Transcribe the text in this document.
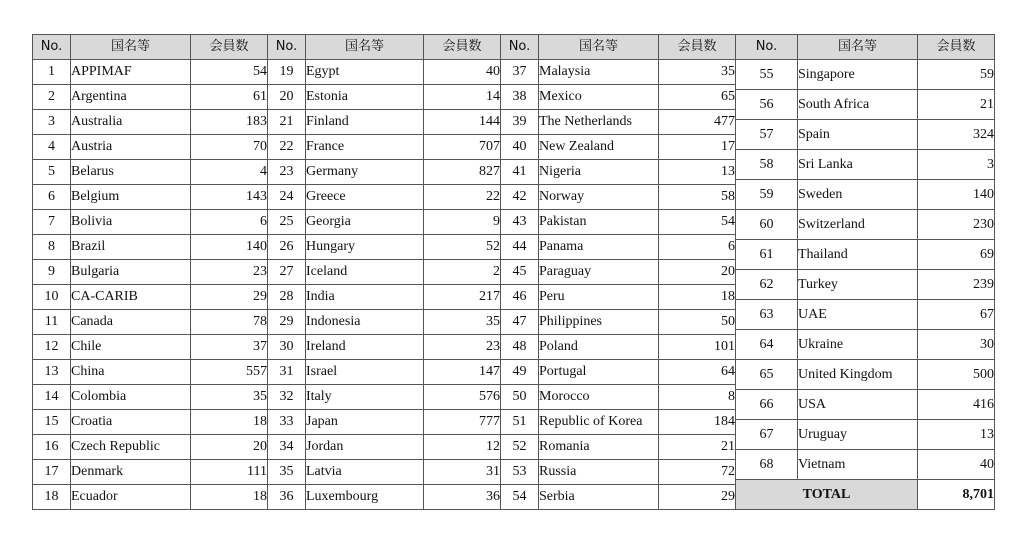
No.	国名等	会員数
1	APPIMAF	54
2	Argentina	61
3	Australia	183
4	Austria	70
5	Belarus	4
6	Belgium	143
7	Bolivia	6
8	Brazil	140
9	Bulgaria	23
10	CA-CARIB	29
11	Canada	78
12	Chile	37
13	China	557
14	Colombia	35
15	Croatia	18
16	Czech Republic	20
17	Denmark	111
18	Ecuador	18
No.	国名等	会員数
19	Egypt	40
20	Estonia	14
21	Finland	144
22	France	707
23	Germany	827
24	Greece	22
25	Georgia	9
26	Hungary	52
27	Iceland	2
28	India	217
29	Indonesia	35
30	Ireland	23
31	Israel	147
32	Italy	576
33	Japan	777
34	Jordan	12
35	Latvia	31
36	Luxembourg	36
No.	国名等	会員数
37	Malaysia	35
38	Mexico	65
39	The Netherlands	477
40	New Zealand	17
41	Nigeria	13
42	Norway	58
43	Pakistan	54
44	Panama	6
45	Paraguay	20
46	Peru	18
47	Philippines	50
48	Poland	101
49	Portugal	64
50	Morocco	8
51	Republic of Korea	184
52	Romania	21
53	Russia	72
54	Serbia	29
No.	国名等	会員数
55	Singapore	59
56	South Africa	21
57	Spain	324
58	Sri Lanka	3
59	Sweden	140
60	Switzerland	230
61	Thailand	69
62	Turkey	239
63	UAE	67
64	Ukraine	30
65	United Kingdom	500
66	USA	416
67	Uruguay	13
68	Vietnam	40
TOTAL		8,701
